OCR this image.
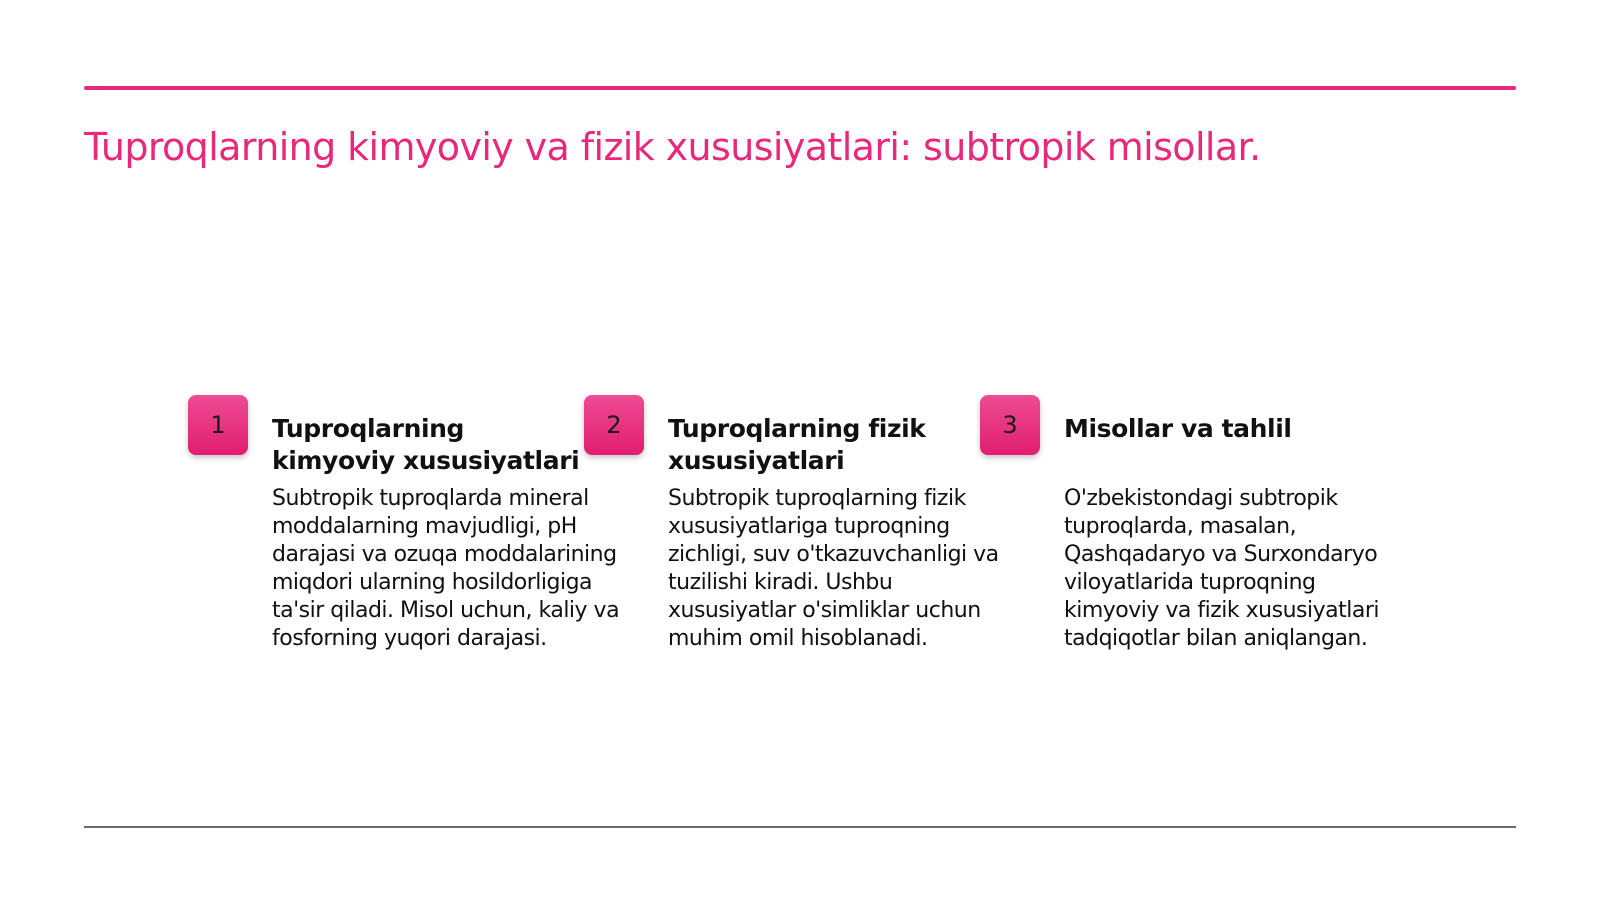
Tuproqlarning kimyoviy va fizik xususiyatlari: subtropik misollar.
1	Tuproqlarning kimyoviy xususiyatlari

Subtropik tuproqlarda mineral moddalarning mavjudligi, pH darajasi va ozuqa moddalarining miqdori ularning hosildorligiga ta'sir qiladi. Misol uchun, kaliy va fosforning yuqori darajasi.

2	Tuproqlarning fizik xususiyatlari

Subtropik tuproqlarning fizik xususiyatlariga tuproqning zichligi, suv o'tkazuvchanligi va tuzilishi kiradi. Ushbu xususiyatlar o'simliklar uchun muhim omil hisoblanadi.

3	Misollar va tahlil

O'zbekistondagi subtropik tuproqlarda, masalan, Qashqadaryo va Surxondaryo viloyatlarida tuproqning kimyoviy va fizik xususiyatlari tadqiqotlar bilan aniqlangan.
